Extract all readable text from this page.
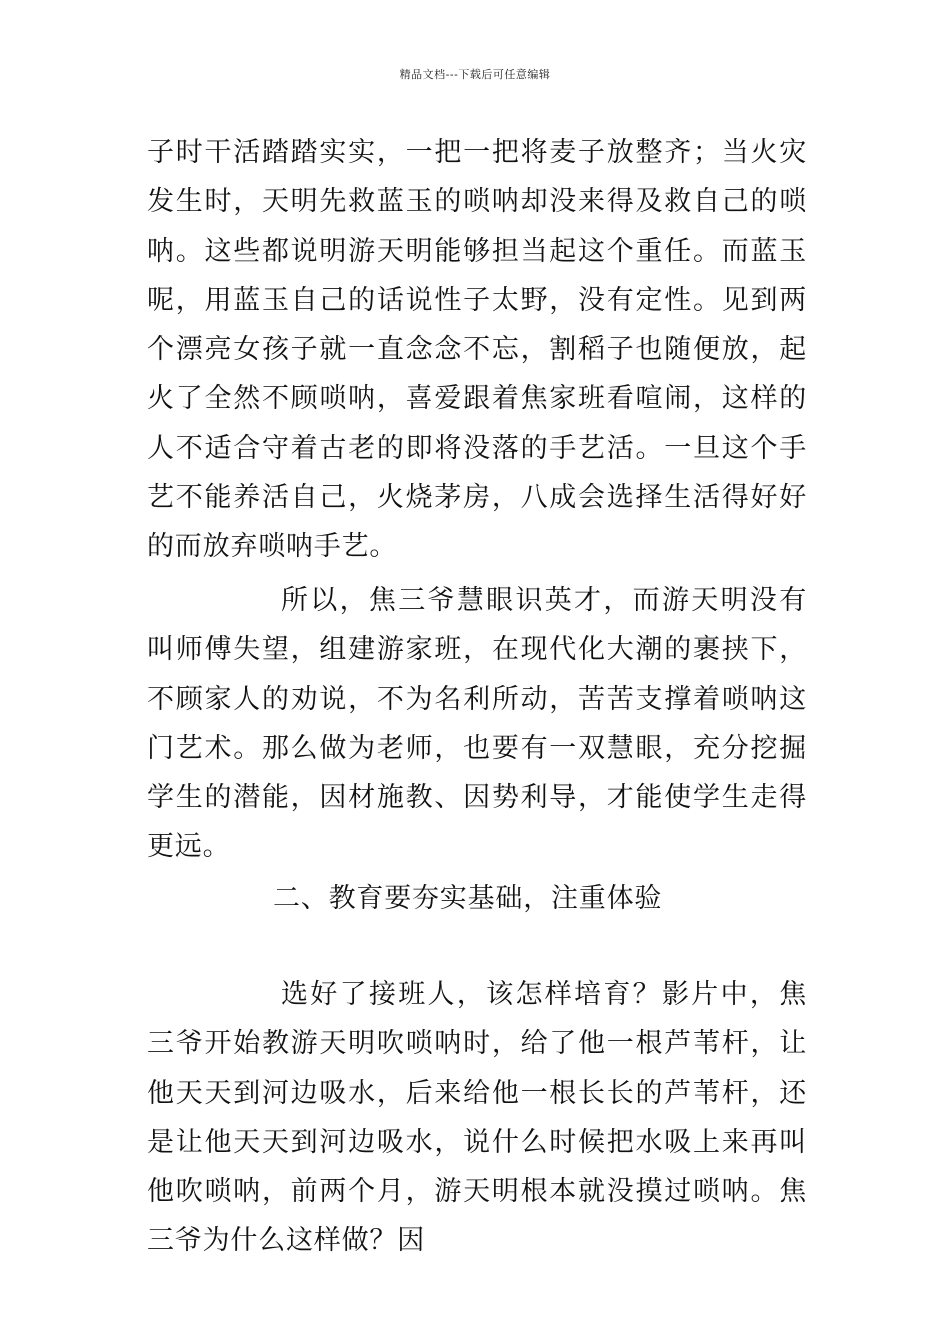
精品文档---下载后可任意编辑

子时干活踏踏实实，一把一把将麦子放整齐；当火灾发生时，天明先救蓝玉的唢呐却没来得及救自己的唢呐。这些都说明游天明能够担当起这个重任。而蓝玉呢，用蓝玉自己的话说性子太野，没有定性。见到两个漂亮女孩子就一直念念不忘，割稻子也随便放，起火了全然不顾唢呐，喜爱跟着焦家班看喧闹，这样的人不适合守着古老的即将没落的手艺活。一旦这个手艺不能养活自己，火烧茅房，八成会选择生活得好好的而放弃唢呐手艺。

所以，焦三爷慧眼识英才，而游天明没有叫师傅失望，组建游家班，在现代化大潮的裹挟下，不顾家人的劝说，不为名利所动，苦苦支撑着唢呐这门艺术。那么做为老师，也要有一双慧眼，充分挖掘学生的潜能，因材施教、因势利导，才能使学生走得更远。

二、教育要夯实基础，注重体验

选好了接班人，该怎样培育？影片中，焦三爷开始教游天明吹唢呐时，给了他一根芦苇杆，让他天天到河边吸水，后来给他一根长长的芦苇杆，还是让他天天到河边吸水，说什么时候把水吸上来再叫他吹唢呐，前两个月，游天明根本就没摸过唢呐。焦三爷为什么这样做？因
